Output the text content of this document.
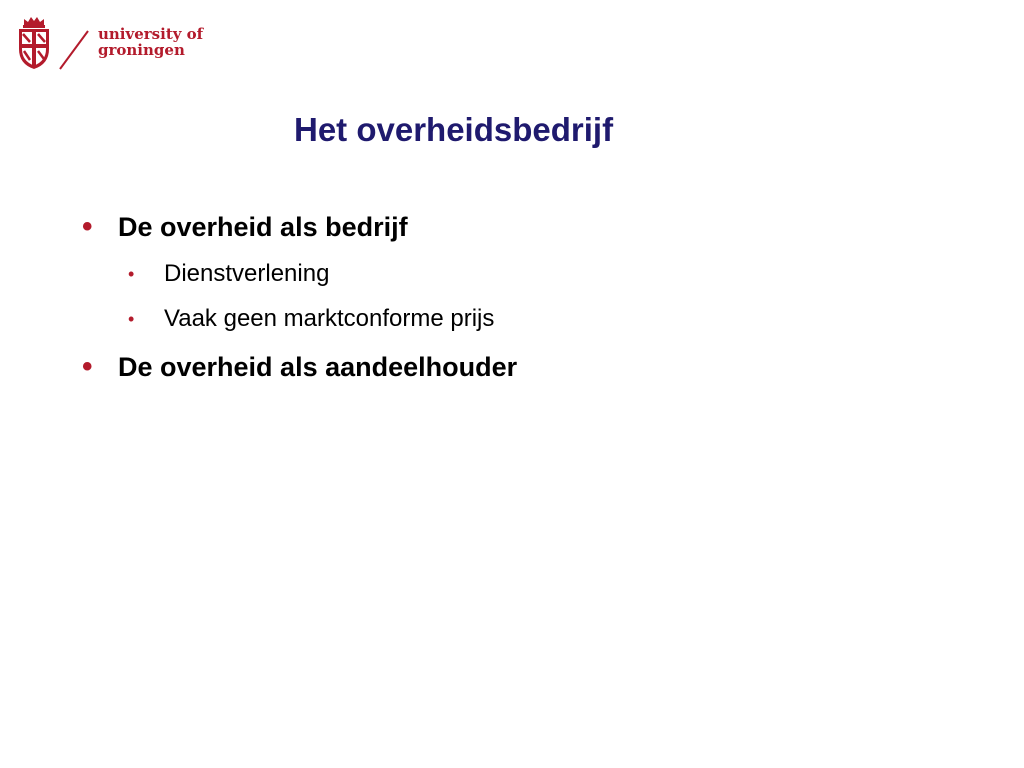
university of
groningen
Het overheidsbedrijf
• De overheid als bedrijf
•	Dienstverlening
•	Vaak geen marktconforme prijs
• De overheid als aandeelhouder
